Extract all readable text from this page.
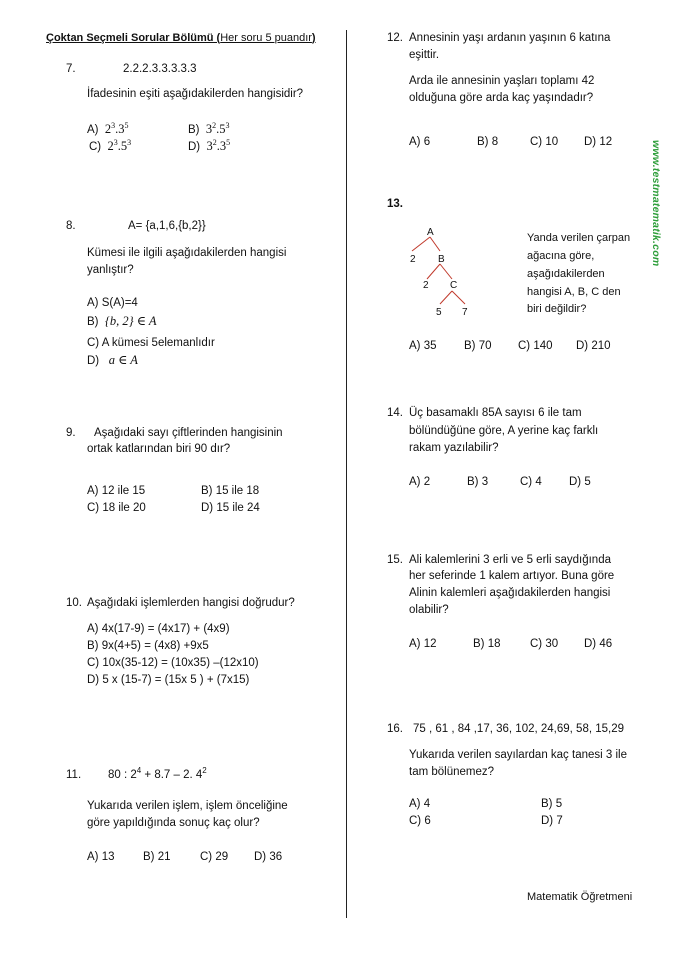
Çoktan Seçmeli Sorular Bölümü (Her soru 5 puandır)
7.	2.2.2.3.3.3.3.3
İfadesinin eşiti aşağıdakilerden hangisidir?
A) $2^3.3^5$	B) $3^2.5^3$
C) $2^3.5^3$	D) $3^2.3^5$
8.	A= {a,1,6,{b,2}}
Kümesi ile ilgili aşağıdakilerden hangisi
yanlıştır?
A) S(A)=4
B) {b, 2} ∈ A
C) A kümesi 5elemanlıdır
D) a ∈ A
9. Aşağıdaki sayı çiftlerinden hangisinin
ortak katlarından biri 90 dır?
A) 12 ile 15	B) 15 ile 18
C) 18 ile 20	D) 15 ile 24
10. Aşağıdaki işlemlerden hangisi doğrudur?
A) 4x(17-9) = (4x17) + (4x9)
B) 9x(4+5) = (4x8) +9x5
C) 10x(35-12) = (10x35) –(12x10)
D) 5 x (15-7) = (15x 5 ) + (7x15)
11. 80 : $2^4 + 8.7 - 2$. $4^2$
Yukarıda verilen işlem, işlem önceliğine
göre yapıldığında sonuç kaç olur?
A) 13 B) 21	C) 29 D) 36
12. Annesinin yaşı ardanın yaşının 6 katına
eşittir.
Arda ile annesinin yaşları toplamı 42
olduğuna göre arda kaç yaşındadır?
A) 6	B) 8	C) 10 D) 12
13.
A
2 B
2 C
5 7
Yanda verilen çarpan
ağacına göre,
aşağıdakilerden
hangisi A, B, C den
biri değildir?
A) 35 B) 70 C) 140 D) 210
14. Üç basamaklı 85A sayısı 6 ile tam
bölündüğüne göre, A yerine kaç farklı
rakam yazılabilir?
A) 2	B) 3	C) 4 D) 5
15. Ali kalemlerini 3 erli ve 5 erli saydığında
her seferinde 1 kalem artıyor. Buna göre
Alinin kalemleri aşağıdakilerden hangisi
olabilir?
A) 12	B) 18	C) 30 D) 46
16. 75 , 61 , 84 ,17, 36, 102, 24,69, 58, 15,29
Yukarıda verilen sayılardan kaç tanesi 3 ile
tam bölünemez?
A) 4	B) 5
C) 6	D) 7
Matematik Öğretmeni
www.testmatematik.com
